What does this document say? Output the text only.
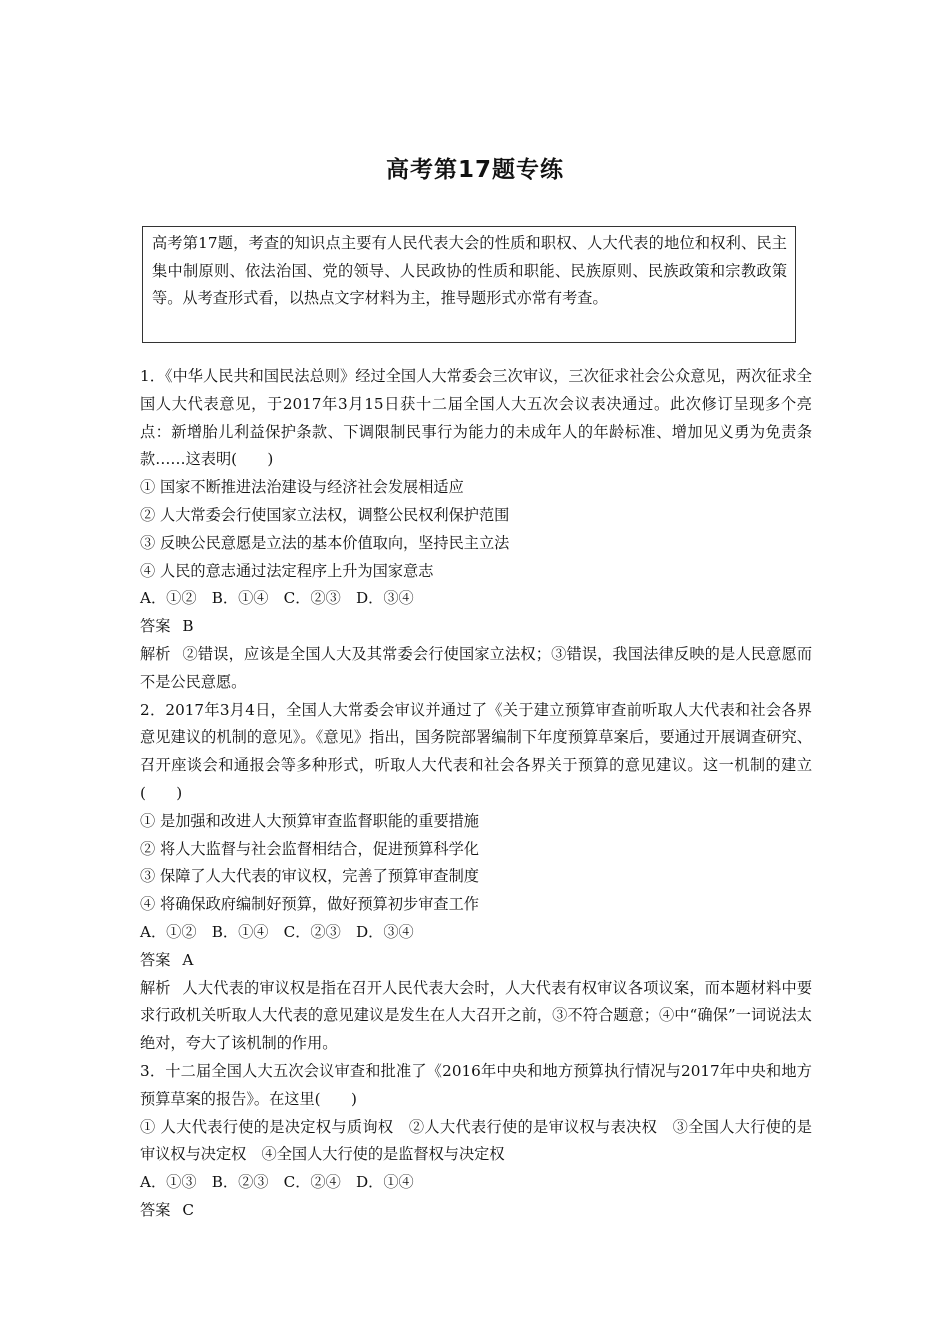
高考第17题专练
高考第17题，考查的知识点主要有人民代表大会的性质和职权、人大代表的地位和权利、民主集中制原则、依法治国、党的领导、人民政协的性质和职能、民族原则、民族政策和宗教政策等。从考查形式看，以热点文字材料为主，推导题形式亦常有考查。

1．《中华人民共和国民法总则》经过全国人大常委会三次审议，三次征求社会公众意见，两次征求全国人大代表意见，于2017年3月15日获十二届全国人大五次会议表决通过。此次修订呈现多个亮点：新增胎儿利益保护条款、下调限制民事行为能力的未成年人的年龄标准、增加见义勇为免责条款……这表明(　　)

① 国家不断推进法治建设与经济社会发展相适应

② 人大常委会行使国家立法权，调整公民权利保护范围

③ 反映公民意愿是立法的基本价值取向，坚持民主立法

④ 人民的意志通过法定程序上升为国家意志

A．①②　B．①④　C．②③　D．③④

答案 B

解析 ②错误，应该是全国人大及其常委会行使国家立法权；③错误，我国法律反映的是人民意愿而不是公民意愿。

2．2017年3月4日，全国人大常委会审议并通过了《关于建立预算审查前听取人大代表和社会各界意见建议的机制的意见》。《意见》指出，国务院部署编制下年度预算草案后，要通过开展调查研究、召开座谈会和通报会等多种形式，听取人大代表和社会各界关于预算的意见建议。这一机制的建立(　　)

① 是加强和改进人大预算审查监督职能的重要措施

② 将人大监督与社会监督相结合，促进预算科学化

③ 保障了人大代表的审议权，完善了预算审查制度

④ 将确保政府编制好预算，做好预算初步审查工作

A．①②　B．①④　C．②③　D．③④

答案 A

解析 人大代表的审议权是指在召开人民代表大会时，人大代表有权审议各项议案，而本题材料中要求行政机关听取人大代表的意见建议是发生在人大召开之前，③不符合题意；④中“确保”一词说法太绝对，夸大了该机制的作用。

3．十二届全国人大五次会议审查和批准了《2016年中央和地方预算执行情况与2017年中央和地方预算草案的报告》。在这里(　　)

① 人大代表行使的是决定权与质询权　②人大代表行使的是审议权与表决权　③全国人大行使的是审议权与决定权　④全国人大行使的是监督权与决定权

A．①③　B．②③　C．②④　D．①④

答案 C
